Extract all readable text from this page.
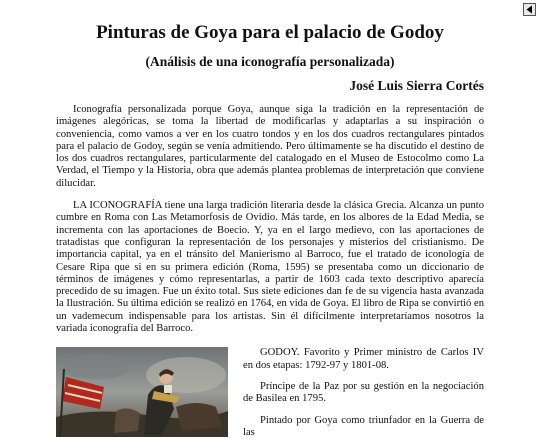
Pinturas de Goya para el palacio de Godoy
(Análisis de una iconografía personalizada)
José Luis Sierra Cortés

Iconografía personalizada porque Goya, aunque siga la tradición en la representación de imágenes alegóricas, se toma la libertad de modificarlas y adaptarlas a su inspiración o conveniencia, como vamos a ver en los cuatro tondos y en los dos cuadros rectangulares pintados para el palacio de Godoy, según se venía admitiendo. Pero últimamente se ha discutido el destino de los dos cuadros rectangulares, particularmente del catalogado en el Museo de Estocolmo como La Verdad, el Tiempo y la Historia, obra que además plantea problemas de interpretación que conviene dilucidar.

LA ICONOGRAFÍA tiene una larga tradición literaria desde la clásica Grecia. Alcanza un punto cumbre en Roma con Las Metamorfosis de Ovidio. Más tarde, en los albores de la Edad Media, se incrementa con las aportaciones de Boecio. Y, ya en el largo medievo, con las aportaciones de tratadistas que configuran la representación de los personajes y misterios del cristianismo. De importancia capital, ya en el tránsito del Manierismo al Barroco, fue el tratado de iconología de Cesare Ripa que si en su primera edición (Roma, 1595) se presentaba como un diccionario de términos de imágenes y cómo representarlas, a partir de 1603 cada texto descriptivo aparecía precedido de su imagen. Fue un éxito total. Sus siete ediciones dan fe de su vigencia hasta avanzada la Ilustración. Su última edición se realizó en 1764, en vida de Goya. El libro de Ripa se convirtió en un vademecum indispensable para los artistas. Sin él difícilmente interpretaríamos nosotros la variada iconografía del Barroco.

GODOY. Favorito y Primer ministro de Carlos IV en dos etapas: 1792-97 y 1801-08.

Príncipe de la Paz por su gestión en la negociación de Basilea en 1795.

Pintado por Goya como triunfador en la Guerra de las
